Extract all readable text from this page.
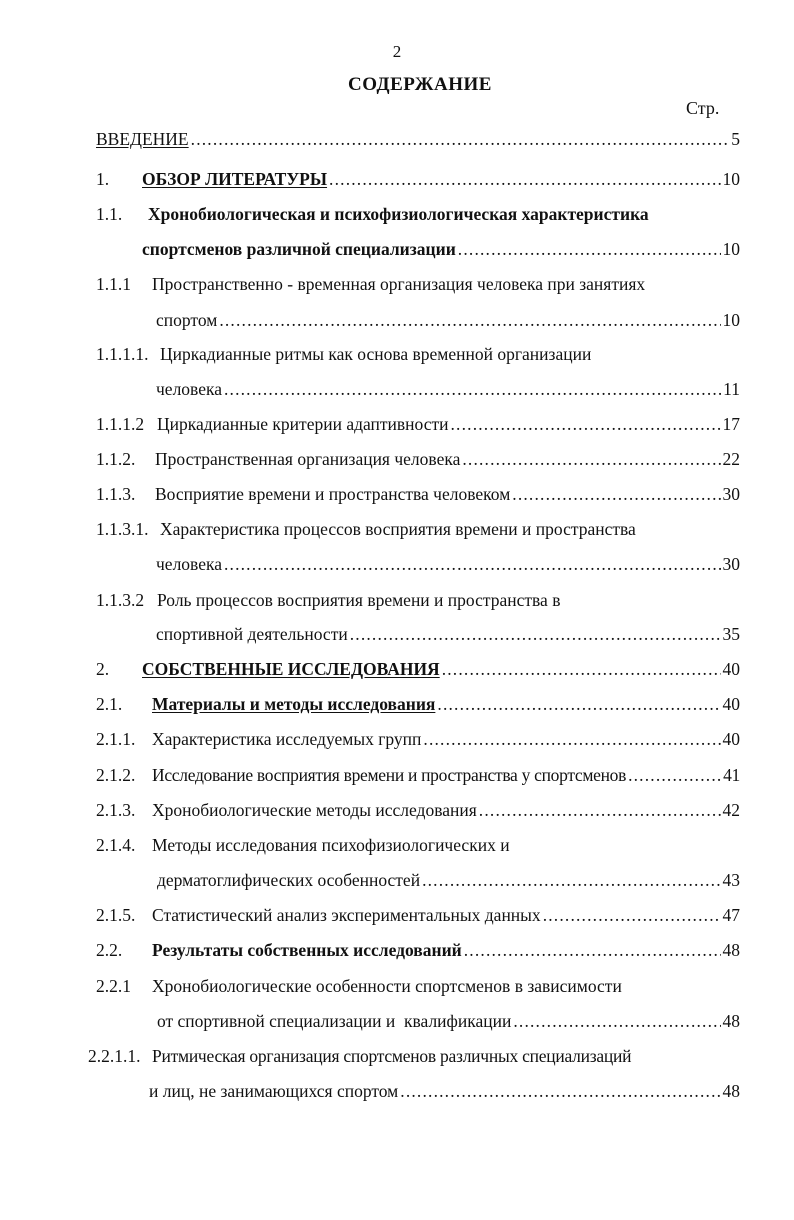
2
СОДЕРЖАНИЕ
Стр.
ВВЕДЕНИЕ . . .	5
1. ОБЗОР ЛИТЕРАТУРЫ . . .	10
1.1. Хронобиологическая и психофизиологическая характеристика
спортсменов различной специализации . . .	10
1.1.1 Пространственно - временная организация человека при занятиях
спортом . . .	10
1.1.1.1. Циркадианные ритмы как основа временной организации
человека . . .	11
1.1.1.2 Циркадианные критерии адаптивности . . .	17
1.1.2. Пространственная организация человека . . .	22
1.1.3. Восприятие времени и пространства человеком . . .	30
1.1.3.1. Характеристика процессов восприятия времени и пространства
человека . . .	30
1.1.3.2 Роль процессов восприятия времени и пространства в
спортивной деятельности . . .	35
2. СОБСТВЕННЫЕ ИССЛЕДОВАНИЯ . . .	40
2.1. Материалы и методы исследования . . .	40
2.1.1. Характеристика исследуемых групп . . .	40
2.1.2. Исследование восприятия времени и пространства у спортсменов . . .	41
2.1.3. Хронобиологические методы исследования . . .	42
2.1.4. Методы исследования психофизиологических и
дерматоглифических особенностей . . .	43
2.1.5. Статистический анализ экспериментальных данных . . .	47
2.2. Результаты собственных исследований . . .	48
2.2.1 Хронобиологические особенности спортсменов в зависимости
от спортивной специализации и  квалификации . . .	48
2.2.1.1. Ритмическая организация спортсменов различных специализаций
и лиц, не занимающихся спортом . . .	48
